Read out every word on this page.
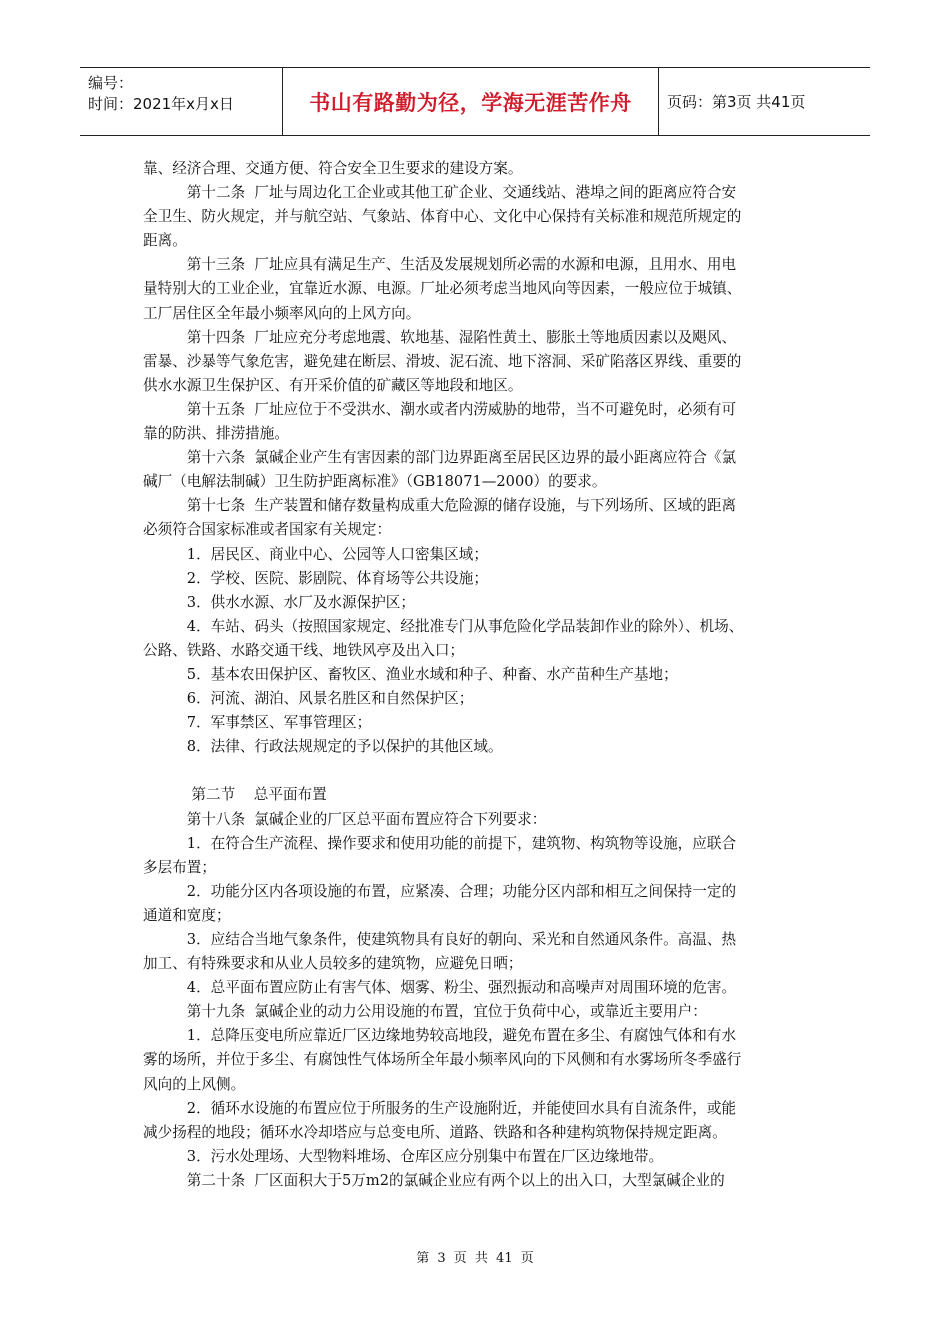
编号：
时间：2021年x月x日	书山有路勤为径，学海无涯苦作舟	页码：第3页 共41页

靠、经济合理、交通方便、符合安全卫生要求的建设方案。

　　　第十二条  厂址与周边化工企业或其他工矿企业、交通线站、港埠之间的距离应符合安

全卫生、防火规定，并与航空站、气象站、体育中心、文化中心保持有关标准和规范所规定的

距离。

　　　第十三条  厂址应具有满足生产、生活及发展规划所必需的水源和电源，且用水、用电

量特别大的工业企业，宜靠近水源、电源。厂址必须考虑当地风向等因素，一般应位于城镇、

工厂居住区全年最小频率风向的上风方向。

　　　第十四条  厂址应充分考虑地震、软地基、湿陷性黄土、膨胀土等地质因素以及飓风、

雷暴、沙暴等气象危害，避免建在断层、滑坡、泥石流、地下溶洞、采矿陷落区界线、重要的

供水水源卫生保护区、有开采价值的矿藏区等地段和地区。

　　　第十五条  厂址应位于不受洪水、潮水或者内涝威胁的地带，当不可避免时，必须有可

靠的防洪、排涝措施。

　　　第十六条  氯碱企业产生有害因素的部门边界距离至居民区边界的最小距离应符合《氯

碱厂（电解法制碱）卫生防护距离标准》（GB18071—2000）的要求。

　　　第十七条  生产装置和储存数量构成重大危险源的储存设施，与下列场所、区域的距离

必须符合国家标准或者国家有关规定：

　　　1．居民区、商业中心、公园等人口密集区域；

　　　2．学校、医院、影剧院、体育场等公共设施；

　　　3．供水水源、水厂及水源保护区；

　　　4．车站、码头（按照国家规定、经批准专门从事危险化学品装卸作业的除外）、机场、

公路、铁路、水路交通干线、地铁风亭及出入口；

　　　5．基本农田保护区、畜牧区、渔业水域和种子、种畜、水产苗种生产基地；

　　　6．河流、湖泊、风景名胜区和自然保护区；

　　　7．军事禁区、军事管理区；

　　　8．法律、行政法规规定的予以保护的其他区域。

　　　 第二节    总平面布置

　　　第十八条  氯碱企业的厂区总平面布置应符合下列要求：

　　　1．在符合生产流程、操作要求和使用功能的前提下，建筑物、构筑物等设施，应联合

多层布置；

　　　2．功能分区内各项设施的布置，应紧凑、合理；功能分区内部和相互之间保持一定的

通道和宽度；

　　　3．应结合当地气象条件，使建筑物具有良好的朝向、采光和自然通风条件。高温、热

加工、有特殊要求和从业人员较多的建筑物，应避免日晒；

　　　4．总平面布置应防止有害气体、烟雾、粉尘、强烈振动和高噪声对周围环境的危害。

　　　第十九条  氯碱企业的动力公用设施的布置，宜位于负荷中心，或靠近主要用户：

　　　1．总降压变电所应靠近厂区边缘地势较高地段，避免布置在多尘、有腐蚀气体和有水

雾的场所，并位于多尘、有腐蚀性气体场所全年最小频率风向的下风侧和有水雾场所冬季盛行

风向的上风侧。

　　　2．循环水设施的布置应位于所服务的生产设施附近，并能使回水具有自流条件，或能

减少扬程的地段；循环水冷却塔应与总变电所、道路、铁路和各种建构筑物保持规定距离。

　　　3．污水处理场、大型物料堆场、仓库区应分别集中布置在厂区边缘地带。

　　　第二十条  厂区面积大于5万m2的氯碱企业应有两个以上的出入口，大型氯碱企业的

第 3 页 共 41 页
